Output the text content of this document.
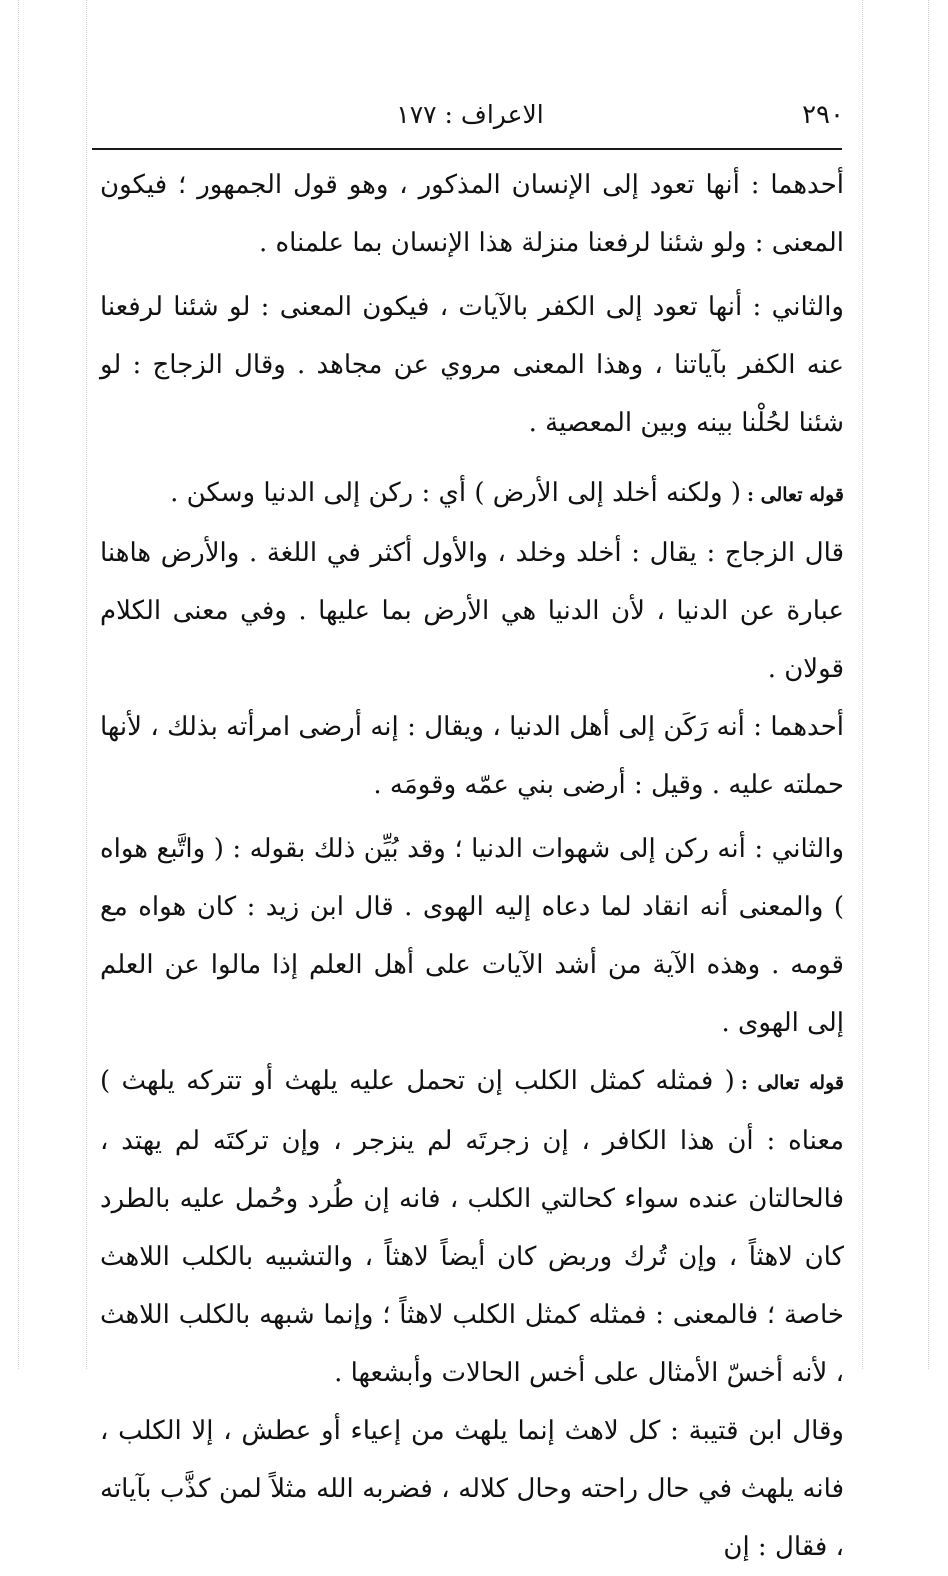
٢٩٠
الاعراف : ١٧٧

أحدهما : أنها تعود إلى الإنسان المذكور ، وهو قول الجمهور ؛ فيكون المعنى : ولو شئنا لرفعنا منزلة هذا الإنسان بما علمناه .

والثاني : أنها تعود إلى الكفر بالآيات ، فيكون المعنى : لو شئنا لرفعنا عنه الكفر بآياتنا ، وهذا المعنى مروي عن مجاهد . وقال الزجاج : لو شئنا لحُلْنا بينه وبين المعصية .

قوله تعالى :( ولكنه أخلد إلى الأرض ) أي : ركن إلى الدنيا وسكن .

قال الزجاج : يقال : أخلد وخلد ، والأول أكثر في اللغة . والأرض هاهنا عبارة عن الدنيا ، لأن الدنيا هي الأرض بما عليها . وفي معنى الكلام قولان .

أحدهما : أنه رَكَن إلى أهل الدنيا ، ويقال : إنه أرضى امرأته بذلك ، لأنها حملته عليه . وقيل : أرضى بني عمّه وقومَه .

والثاني : أنه ركن إلى شهوات الدنيا ؛ وقد بُيِّن ذلك بقوله : ( واتَّبع هواه ) والمعنى أنه انقاد لما دعاه إليه الهوى . قال ابن زيد : كان هواه مع قومه . وهذه الآية من أشد الآيات على أهل العلم إذا مالوا عن العلم إلى الهوى .

قوله تعالى :( فمثله كمثل الكلب إن تحمل عليه يلهث أو تتركه يلهث ) معناه : أن هذا الكافر ، إن زجرتَه لم ينزجر ، وإن تركتَه لم يهتد ، فالحالتان عنده سواء كحالتي الكلب ، فانه إن طُرد وحُمل عليه بالطرد كان لاهثاً ، وإن تُرك وربض كان أيضاً لاهثاً ، والتشبيه بالكلب اللاهث خاصة ؛ فالمعنى : فمثله كمثل الكلب لاهثاً ؛ وإنما شبهه بالكلب اللاهث ، لأنه أخسّ الأمثال على أخس الحالات وأبشعها .

وقال ابن قتيبة : كل لاهث إنما يلهث من إعياء أو عطش ، إلا الكلب ، فانه يلهث في حال راحته وحال كلاله ، فضربه الله مثلاً لمن كذَّب بآياته ، فقال : إن
